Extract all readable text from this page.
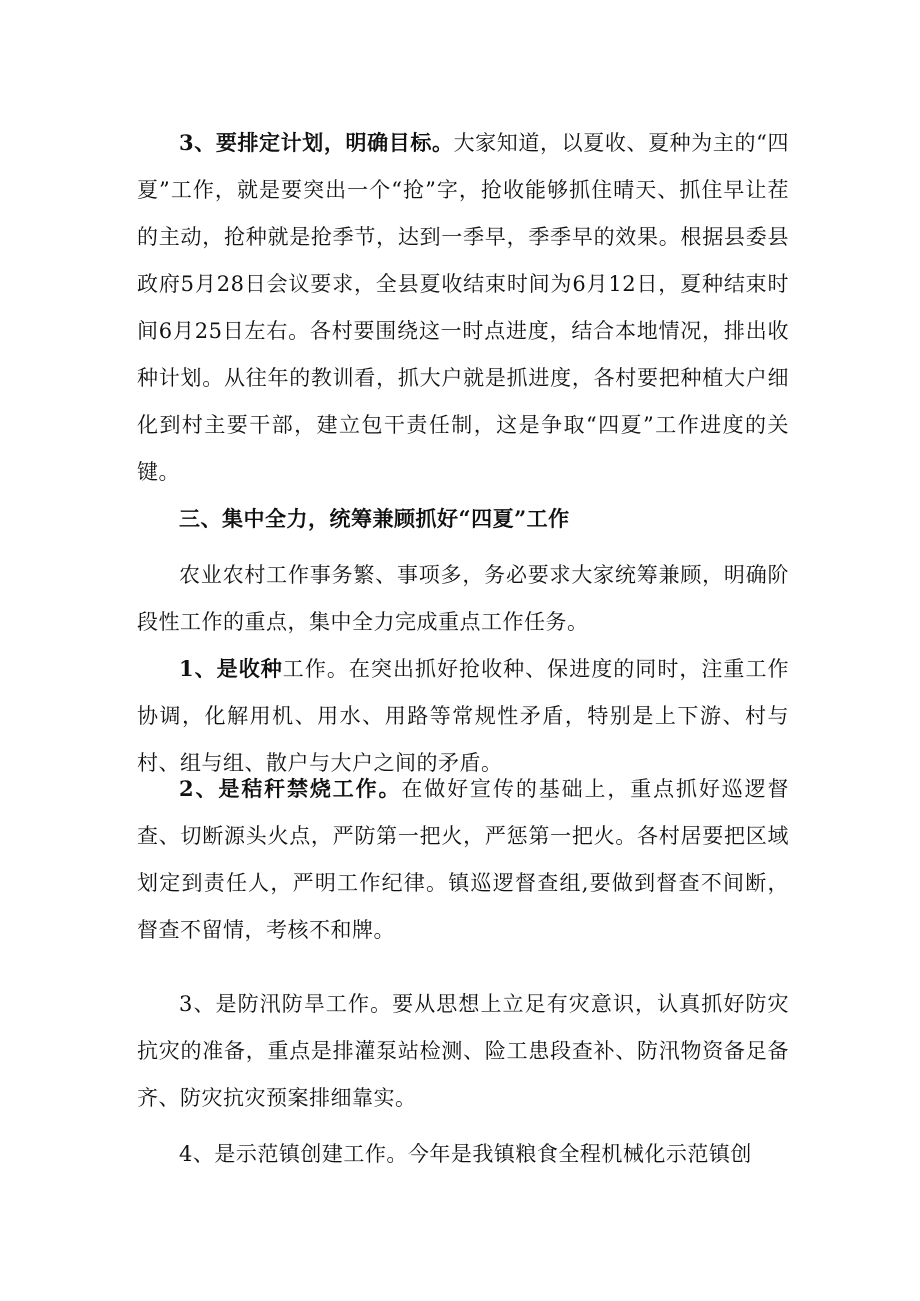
3、要排定计划，明确目标。大家知道，以夏收、夏种为主的“四夏”工作，就是要突出一个“抢”字，抢收能够抓住晴天、抓住早让茬的主动，抢种就是抢季节，达到一季早，季季早的效果。根据县委县政府5月28日会议要求，全县夏收结束时间为6月12日，夏种结束时间6月25日左右。各村要围绕这一时点进度，结合本地情况，排出收种计划。从往年的教训看，抓大户就是抓进度，各村要把种植大户细化到村主要干部，建立包干责任制，这是争取“四夏”工作进度的关键。

三、集中全力，统筹兼顾抓好“四夏”工作

农业农村工作事务繁、事项多，务必要求大家统筹兼顾，明确阶段性工作的重点，集中全力完成重点工作任务。

1、是收种工作。在突出抓好抢收种、保进度的同时，注重工作协调，化解用机、用水、用路等常规性矛盾，特别是上下游、村与村、组与组、散户与大户之间的矛盾。

2、是秸秆禁烧工作。在做好宣传的基础上，重点抓好巡逻督查、切断源头火点，严防第一把火，严惩第一把火。各村居要把区域划定到责任人，严明工作纪律。镇巡逻督查组,要做到督查不间断，督查不留情，考核不和牌。

3、是防汛防旱工作。要从思想上立足有灾意识，认真抓好防灾抗灾的准备，重点是排灌泵站检测、险工患段查补、防汛物资备足备齐、防灾抗灾预案排细靠实。

4、是示范镇创建工作。今年是我镇粮食全程机械化示范镇创
